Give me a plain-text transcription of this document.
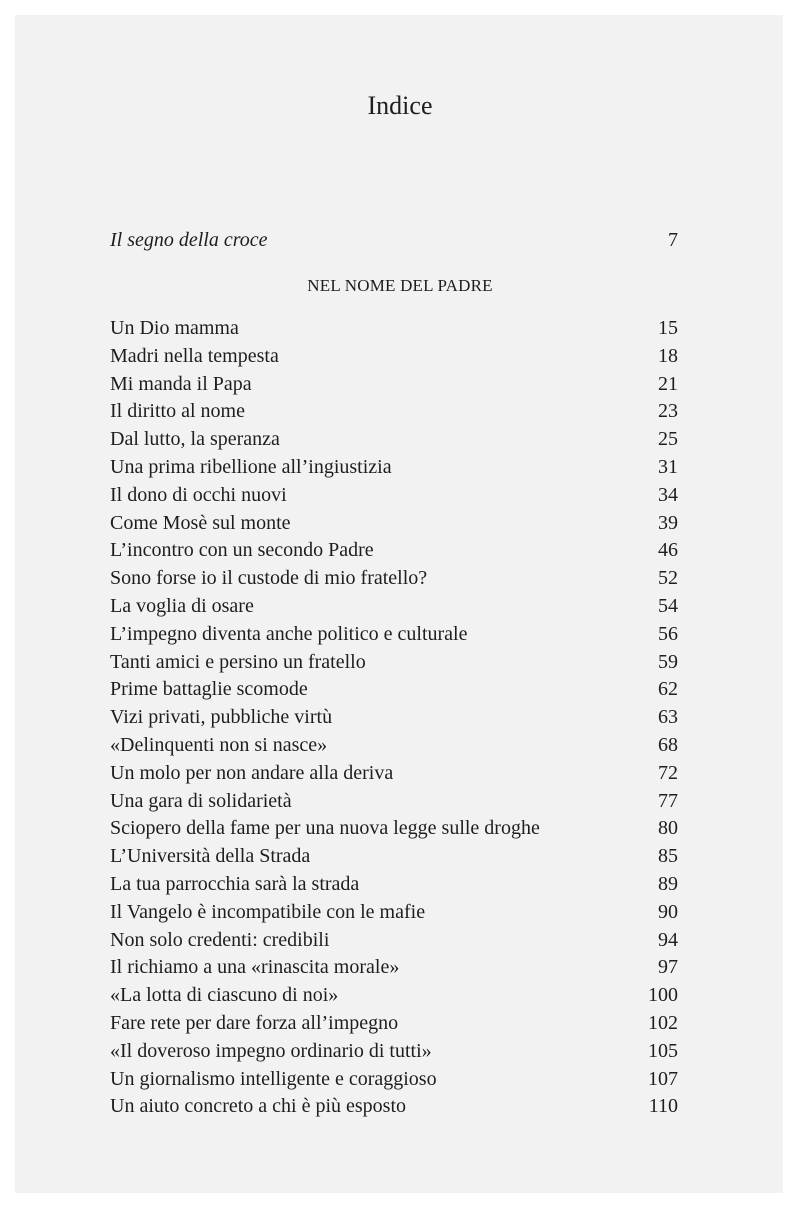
Indice
Il segno della croce	7
NEL NOME DEL PADRE
Un Dio mamma	15
Madri nella tempesta	18
Mi manda il Papa	21
Il diritto al nome	23
Dal lutto, la speranza	25
Una prima ribellione all’ingiustizia	31
Il dono di occhi nuovi	34
Come Mosè sul monte	39
L’incontro con un secondo Padre	46
Sono forse io il custode di mio fratello?	52
La voglia di osare	54
L’impegno diventa anche politico e culturale	56
Tanti amici e persino un fratello	59
Prime battaglie scomode	62
Vizi privati, pubbliche virtù	63
«Delinquenti non si nasce»	68
Un molo per non andare alla deriva	72
Una gara di solidarietà	77
Sciopero della fame per una nuova legge sulle droghe	80
L’Università della Strada	85
La tua parrocchia sarà la strada	89
Il Vangelo è incompatibile con le mafie	90
Non solo credenti: credibili	94
Il richiamo a una «rinascita morale»	97
«La lotta di ciascuno di noi»	100
Fare rete per dare forza all’impegno	102
«Il doveroso impegno ordinario di tutti»	105
Un giornalismo intelligente e coraggioso	107
Un aiuto concreto a chi è più esposto	110
